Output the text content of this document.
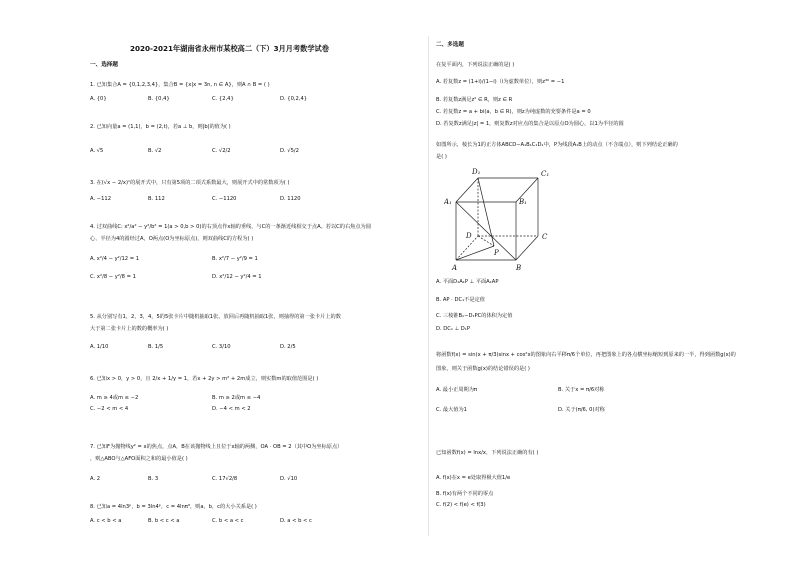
2020-2021年湖南省永州市某校高二（下）3月月考数学试卷
一、选择题
1. 已知集合A = {0,1,2,3,4}，集合B = {x|x = 3n, n ∈ A}，则A ∩ B = ( )
A. {0}	B. {0,4}	C. {2,4}	D. {0,2,4}
2. 已知向量a = (1,1)，b = (2,t)，若a ⊥ b，则|b|的值为( )
A. √5	B. √2	C. √2/2	D. √5/2
3. 在(√x − 2/x)ⁿ的展开式中，只有第5项的二项式系数最大，则展开式中的常数项为( )
A. −112	B. 112	C. −1120	D. 1120
4. 过双曲线C: x²/a² − y²/b² = 1(a > 0,b > 0)的右顶点作x轴的垂线，与C的一条渐近线相交于点A。若以C的右焦点为圆
心、半径为4的圆经过A，O两点(O为坐标原点)，则双曲线C的方程为( )
A. x²/4 − y²/12 = 1	B. x²/7 − y²/9 = 1
C. x²/8 − y²/8 = 1	D. x²/12 − y²/4 = 1
5. 从分别写有1，2，3，4，5的5张卡片中随机抽取1张，放回后再随机抽取1张，则抽得的第一张卡片上的数
大于第二张卡片上的数的概率为( )
A. 1/10	B. 1/5	C. 3/10	D. 2/5
6. 已知x > 0，y > 0，且 2/x + 1/y = 1，若x + 2y > m² + 2m成立，则实数m的取值范围是( )
A. m ≥ 4或m ≤ −2	B. m ≥ 2或m ≤ −4
C. −2 < m < 4	D. −4 < m < 2
7. 已知F为抛物线y² = x的焦点，点A，B在该抛物线上且位于x轴的两侧，OA · OB = 2（其中O为坐标原点）
，则△ABO与△AFO面积之和的最小值是( )
A. 2	B. 3	C. 17√2/8	D. √10
8. 已知a = 4ln3ᵖ，b = 3ln4ᵖ，c = 4lnπ³，则a，b，c的大小关系是( )
A. c < b < a	B. b < c < a	C. b < a < c	D. a < b < c
二、多选题
在复平面内，下列说法正确的是( )
A. 若复数z = (1+i)/(1−i)（i为虚数单位），则z³⁰ = −1
B. 若复数z满足z² ∈ R，则z ∈ R
C. 若复数z = a + bi(a，b ∈ R)，则z为纯虚数的充要条件是a = 0
D. 若复数z满足|z| = 1，则复数z对应点的集合是以原点O为圆心，以1为半径的圆
如图所示，棱长为1的正方体ABCD−A₁B₁C₁D₁中，P为线段A₁B上的动点（不含端点），则下列结论正确的
是( )
D₁	C₁
A₁	B₁
D	C
P
A	B
A. 平面D₁A₁P ⊥ 平面A₁AP
B. AP · DC₁不是定值
C. 三棱锥B₁−D₁PC的体积为定值
D. DC₁ ⊥ D₁P
将函数f(x) = sin(x + π/3)sinx + cos²x的图象向右平移π/6个单位，再把图象上的各点横坐标缩短到原来的一半，得到函数g(x)的
图象，则关于函数g(x)的结论错误的是( )
A. 最小正周期为π	B. 关于x = π/6对称
C. 最大值为1	D. 关于(π/6, 0)对称
已知函数f(x) = lnx/x，下列说法正确的有( )
A. f(x)在x = e处取得极大值1/e
B. f(x)有两个不同的零点
C. f(2) < f(e) < f(3)
